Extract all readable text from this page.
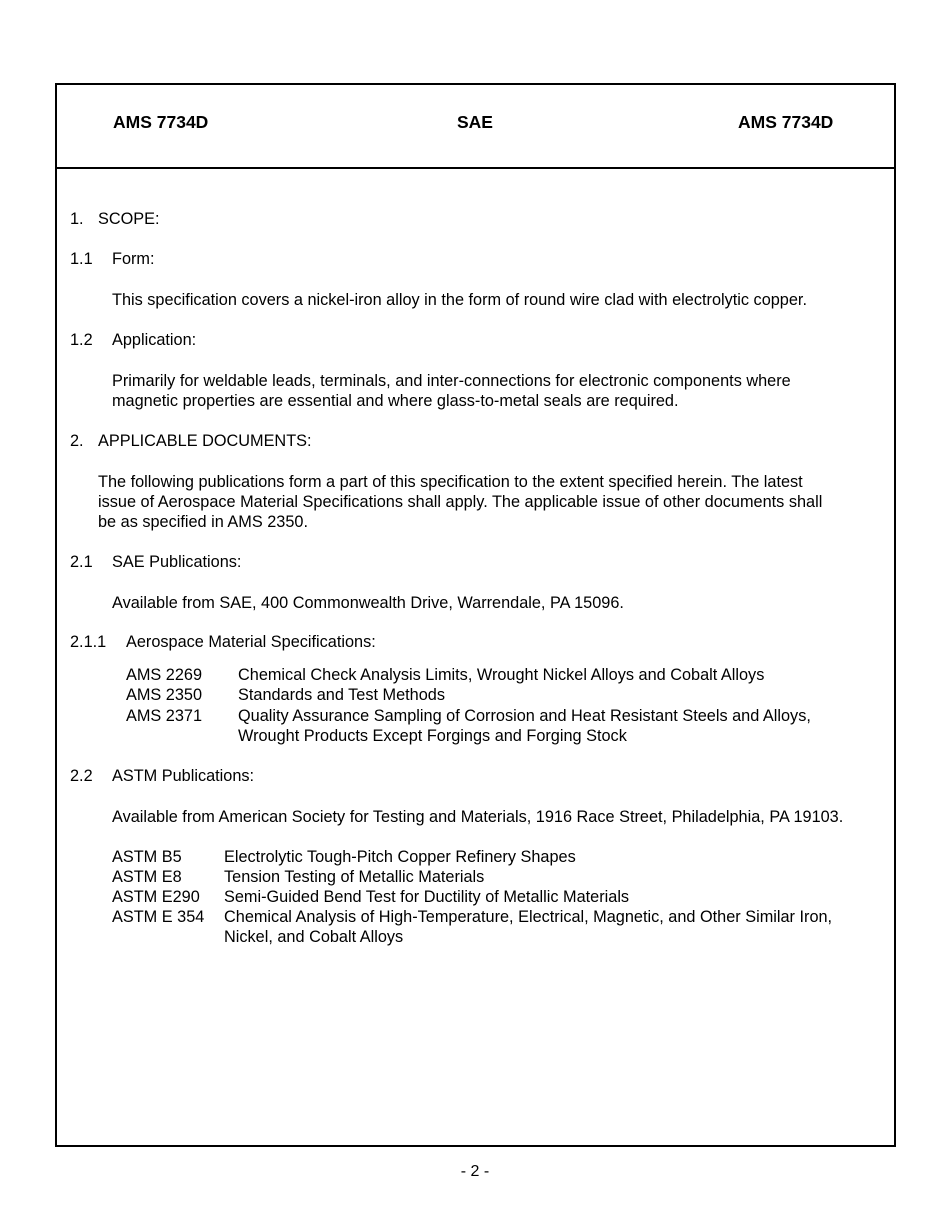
AMS 7734D	SAE	AMS 7734D
1. SCOPE:
1.1 Form:
This specification covers a nickel-iron alloy in the form of round wire clad with electrolytic copper.
1.2 Application:
Primarily for weldable leads, terminals, and inter-connections for electronic components where
magnetic properties are essential and where glass-to-metal seals are required.
2. APPLICABLE DOCUMENTS:
The following publications form a part of this specification to the extent specified herein. The latest
issue of Aerospace Material Specifications shall apply. The applicable issue of other documents shall
be as specified in AMS 2350.
2.1 SAE Publications:
Available from SAE, 400 Commonwealth Drive, Warrendale, PA 15096.
2.1.1 Aerospace Material Specifications:
AMS 2269 Chemical Check Analysis Limits, Wrought Nickel Alloys and Cobalt Alloys
AMS 2350 Standards and Test Methods
AMS 2371 Quality Assurance Sampling of Corrosion and Heat Resistant Steels and Alloys,
Wrought Products Except Forgings and Forging Stock
2.2 ASTM Publications:
Available from American Society for Testing and Materials, 1916 Race Street, Philadelphia, PA 19103.
ASTM B5	Electrolytic Tough-Pitch Copper Refinery Shapes
ASTM E8	Tension Testing of Metallic Materials
ASTM E290 Semi-Guided Bend Test for Ductility of Metallic Materials
ASTM E 354 Chemical Analysis of High-Temperature, Electrical, Magnetic, and Other Similar Iron,
Nickel, and Cobalt Alloys
- 2 -
